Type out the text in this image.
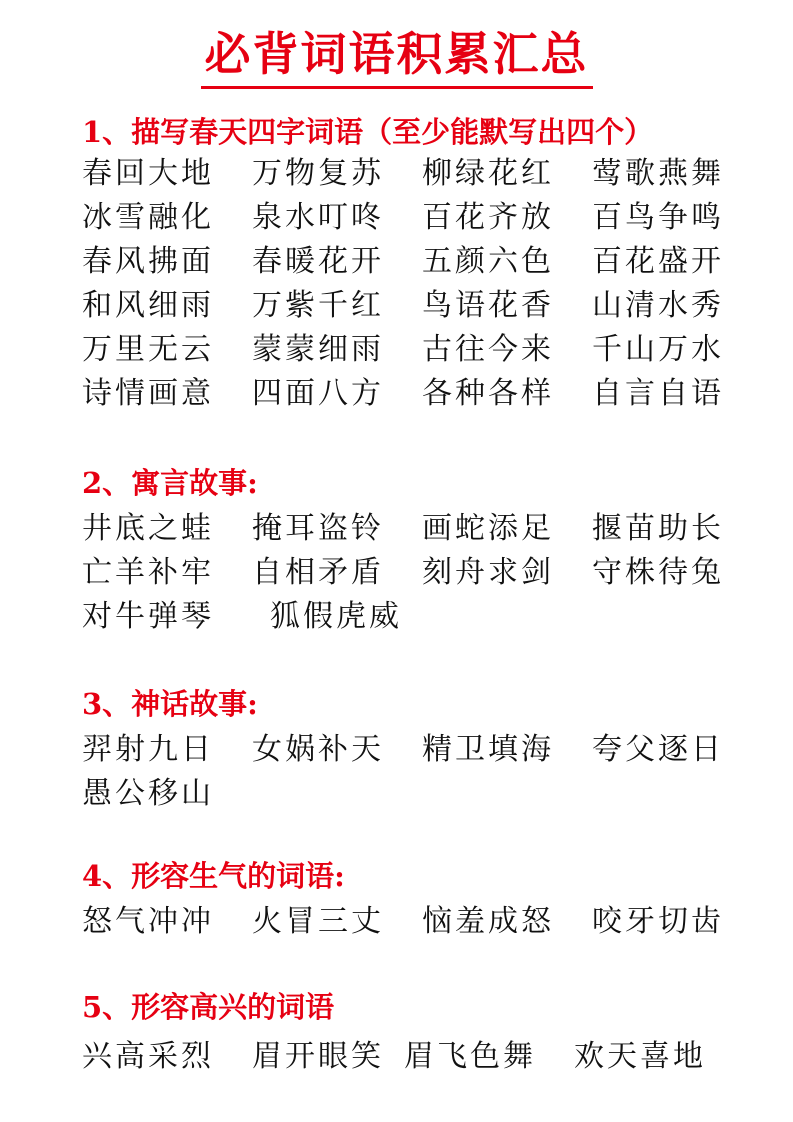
必背词语积累汇总
1、描写春天四字词语（至少能默写出四个）
春回大地	万物复苏	柳绿花红	莺歌燕舞
冰雪融化	泉水叮咚	百花齐放	百鸟争鸣
春风拂面	春暖花开	五颜六色	百花盛开
和风细雨	万紫千红	鸟语花香	山清水秀
万里无云	蒙蒙细雨	古往今来	千山万水
诗情画意	四面八方	各种各样	自言自语
2、寓言故事:
井底之蛙	掩耳盗铃	画蛇添足	揠苗助长
亡羊补牢	自相矛盾	刻舟求剑	守株待兔
对牛弹琴	狐假虎威
3、神话故事:
羿射九日	女娲补天	精卫填海	夸父逐日
愚公移山
4、形容生气的词语:
怒气冲冲	火冒三丈	恼羞成怒	咬牙切齿
5、形容高兴的词语
兴高采烈	眉开眼笑 眉飞色舞	欢天喜地
